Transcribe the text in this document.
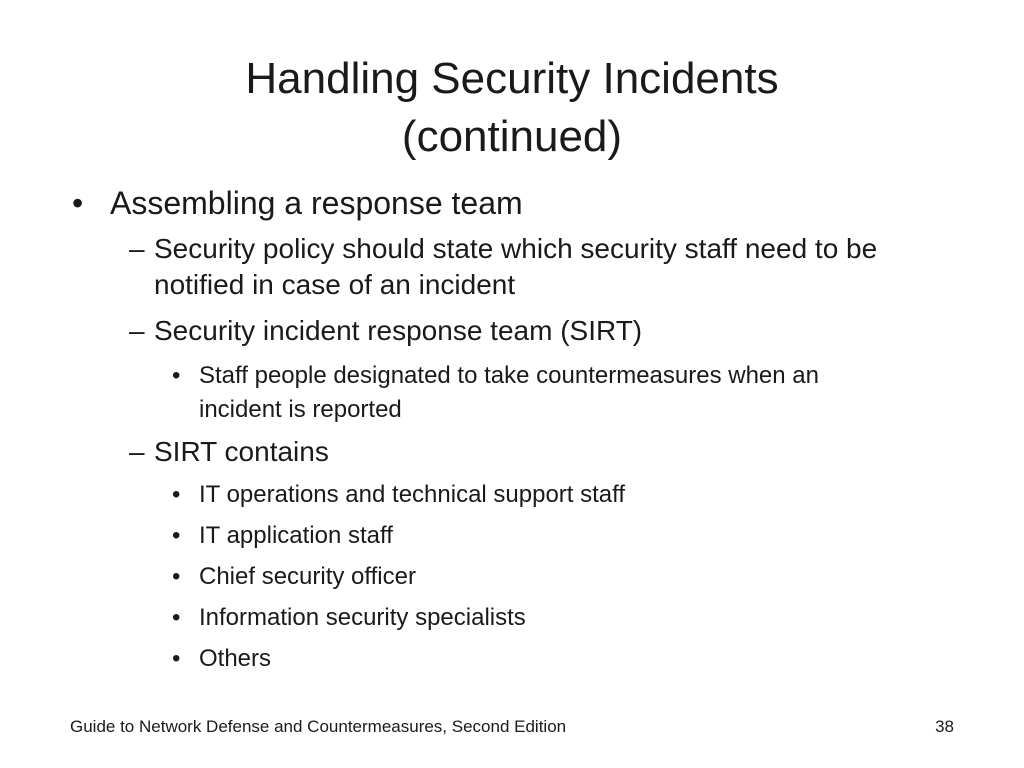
Handling Security Incidents
(continued)
• Assembling a response team
– Security policy should state which security staff need to be notified in case of an incident
– Security incident response team (SIRT)
• Staff people designated to take countermeasures when an incident is reported
– SIRT contains
• IT operations and technical support staff
• IT application staff
• Chief security officer
• Information security specialists
• Others
Guide to Network Defense and Countermeasures, Second Edition	38
